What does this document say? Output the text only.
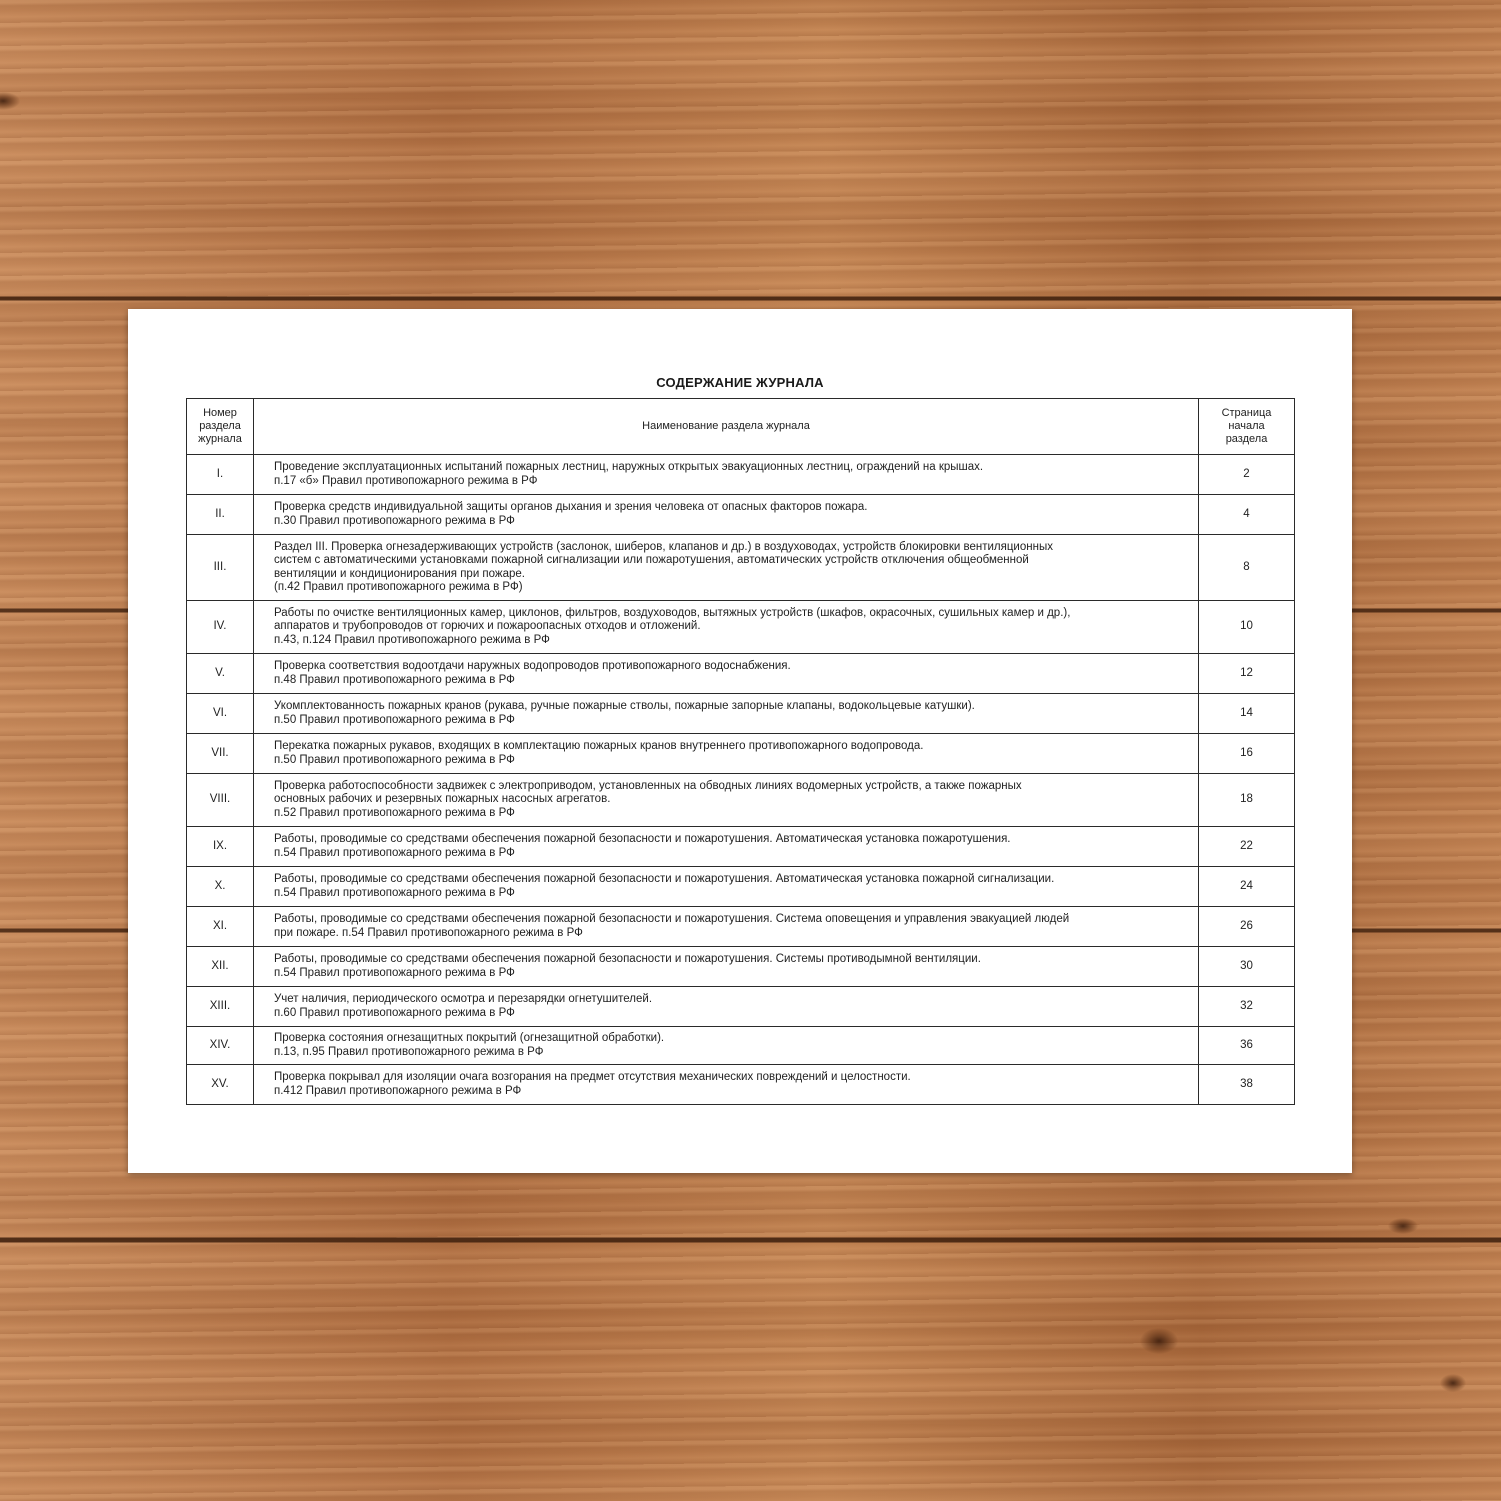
СОДЕРЖАНИЕ ЖУРНАЛА
Номер
раздела
журнала	Наименование раздела журнала	Страница
начала
раздела

I.	Проведение эксплуатационных испытаний пожарных лестниц, наружных открытых эвакуационных лестниц, ограждений на крышах.
п.17 «б» Правил противопожарного режима в РФ	2
II.	Проверка средств индивидуальной защиты органов дыхания и зрения человека от опасных факторов пожара.
п.30 Правил противопожарного режима в РФ	4
III.	Раздел III. Проверка огнезадерживающих устройств (заслонок, шиберов, клапанов и др.) в воздуховодах, устройств блокировки вентиляционных
систем с автоматическими установками пожарной сигнализации или пожаротушения, автоматических устройств отключения общеобменной
вентиляции и кондиционирования при пожаре.
(п.42 Правил противопожарного режима в РФ)	8
IV.	Работы по очистке вентиляционных камер, циклонов, фильтров, воздуховодов, вытяжных устройств (шкафов, окрасочных, сушильных камер и др.),
аппаратов и трубопроводов от горючих и пожароопасных отходов и отложений.
п.43, п.124 Правил противопожарного режима в РФ	10
V.	Проверка соответствия водоотдачи наружных водопроводов противопожарного водоснабжения.
п.48 Правил противопожарного режима в РФ	12
VI.	Укомплектованность пожарных кранов (рукава, ручные пожарные стволы, пожарные запорные клапаны, водокольцевые катушки).
п.50 Правил противопожарного режима в РФ	14
VII.	Перекатка пожарных рукавов, входящих в комплектацию пожарных кранов внутреннего противопожарного водопровода.
п.50 Правил противопожарного режима в РФ	16
VIII.	Проверка работоспособности задвижек с электроприводом, установленных на обводных линиях водомерных устройств, а также пожарных
основных рабочих и резервных пожарных насосных агрегатов.
п.52 Правил противопожарного режима в РФ	18
IX.	Работы, проводимые со средствами обеспечения пожарной безопасности и пожаротушения. Автоматическая установка пожаротушения.
п.54 Правил противопожарного режима в РФ	22
X.	Работы, проводимые со средствами обеспечения пожарной безопасности и пожаротушения. Автоматическая установка пожарной сигнализации.
п.54 Правил противопожарного режима в РФ	24
XI.	Работы, проводимые со средствами обеспечения пожарной безопасности и пожаротушения. Система оповещения и управления эвакуацией людей
при пожаре. п.54 Правил противопожарного режима в РФ	26
XII.	Работы, проводимые со средствами обеспечения пожарной безопасности и пожаротушения. Системы противодымной вентиляции.
п.54 Правил противопожарного режима в РФ	30
XIII.	Учет наличия, периодического осмотра и перезарядки огнетушителей.
п.60 Правил противопожарного режима в РФ	32
XIV.	Проверка состояния огнезащитных покрытий (огнезащитной обработки).
п.13, п.95 Правил противопожарного режима в РФ	36
XV.	Проверка покрывал для изоляции очага возгорания на предмет отсутствия механических повреждений и целостности.
п.412 Правил противопожарного режима в РФ	38
